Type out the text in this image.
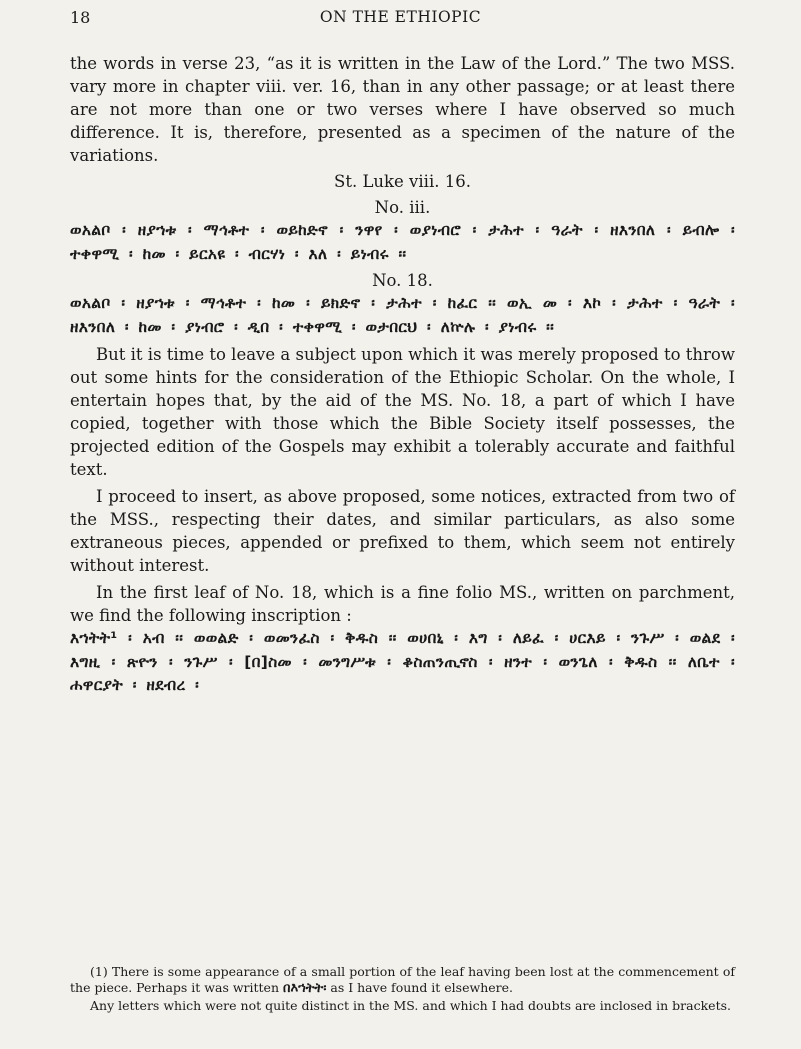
18	ON THE ETHIOPIC

the words in verse 23, “as it is written in the Law of the Lord.” The two MSS. vary more in chapter viii. ver. 16, than in any other passage; or at least there are not more than one or two verses where I have observed so much difference. It is, therefore, presented as a specimen of the nature of the variations.

St. Luke viii. 16.
No. iii.

ወአልቦ ፡ ዘያኀቱ ፡ ማኅቶተ ፡ ወይከድኖ ፡ ንዋየ ፡ ወያነብሮ ፡ ታሕተ ፡ ዓራት ፡ ዘእንበለ ፡ ይብሎ ፡ ተቀዋሚ ፡ ከመ ፡ ይርአዩ ፡ ብርሃነ ፡ እለ ፡ ይነብሩ ፡፡

No. 18.

ወአልቦ ፡ ዘያኀቱ ፡ ማኅቶተ ፡ ከመ ፡ ይክድኖ ፡ ታሕተ ፡ ከፈር ፡፡ ወኢ መ ፡ እኮ ፡ ታሕተ ፡ ዓራት ፡ ዘእንበለ ፡ ከመ ፡ ያነብሮ ፡ ዲበ ፡ ተቀዋሚ ፡ ወታበርህ ፡ ለኵሉ ፡ ያነብሩ ፡፡

But it is time to leave a subject upon which it was merely proposed to throw out some hints for the consideration of the Ethiopic Scholar. On the whole, I entertain hopes that, by the aid of the MS. No. 18, a part of which I have copied, together with those which the Bible Society itself possesses, the projected edition of the Gospels may exhibit a tolerably accurate and faithful text.

I proceed to insert, as above proposed, some notices, extracted from two of the MSS., respecting their dates, and similar particulars, as also some extraneous pieces, appended or prefixed to them, which seem not entirely without interest.

In the first leaf of No. 18, which is a fine folio MS., written on parchment, we find the following inscription :

እኀትት¹ ፡ አብ ፡፡ ወወልድ ፡ ወመንፈስ ፡ ቅዱስ ፡፡ ወሀበኒ ፡ እግ ፡ ለይፈ ፡ ሀርእይ ፡ ንጉሥ ፡ ወልደ ፡ እግዚ ፡ ጽዮን ፡ ንጉሥ ፡ [በ]ስመ ፡ መንግሥቱ ፡ ቆስጠንጢኖስ ፡ ዘንተ ፡ ወንጌለ ፡ ቅዱስ ፡፡ ለቤተ ፡ ሐዋርያት ፡ ዘደብረ ፡

(1) There is some appearance of a small portion of the leaf having been lost at the commencement of the piece. Perhaps it was written በእኀትት፡ as I have found it elsewhere.

Any letters which were not quite distinct in the MS. and which I had doubts are inclosed in brackets.
